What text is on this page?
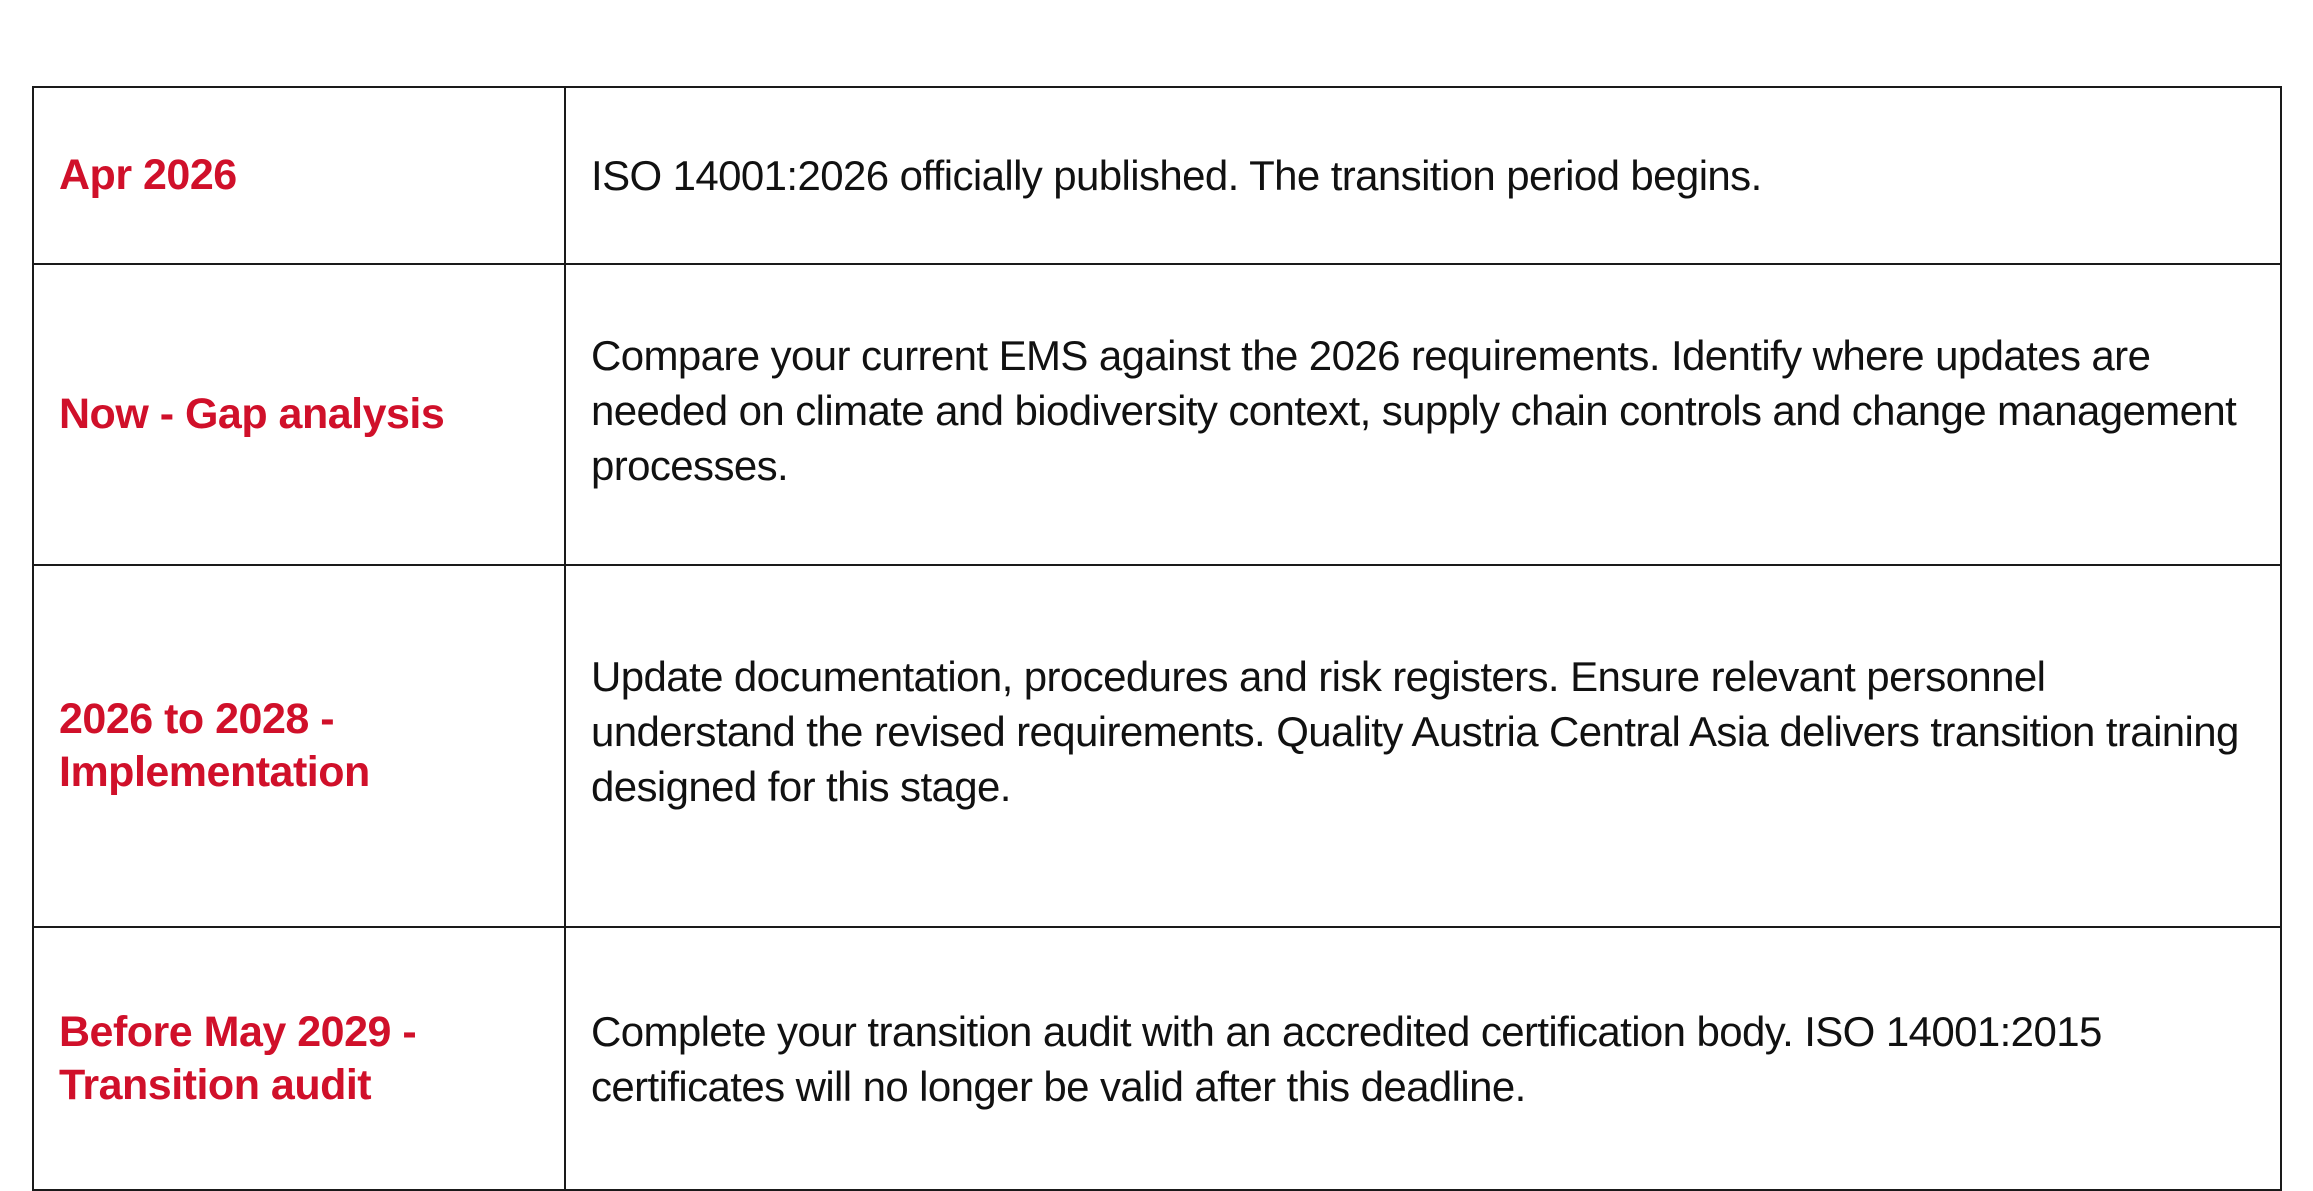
Apr 2026	ISO 14001:2026 officially published. The transition period begins.
Now - Gap analysis	Compare your current EMS against the 2026 requirements. Identify where updates are needed on climate and biodiversity context, supply chain controls and change management processes.
2026 to 2028 - Implementation	Update documentation, procedures and risk registers. Ensure relevant personnel understand the revised requirements. Quality Austria Central Asia delivers transition training designed for this stage.
Before May 2029 - Transition audit	Complete your transition audit with an accredited certification body. ISO 14001:2015 certificates will no longer be valid after this deadline.
